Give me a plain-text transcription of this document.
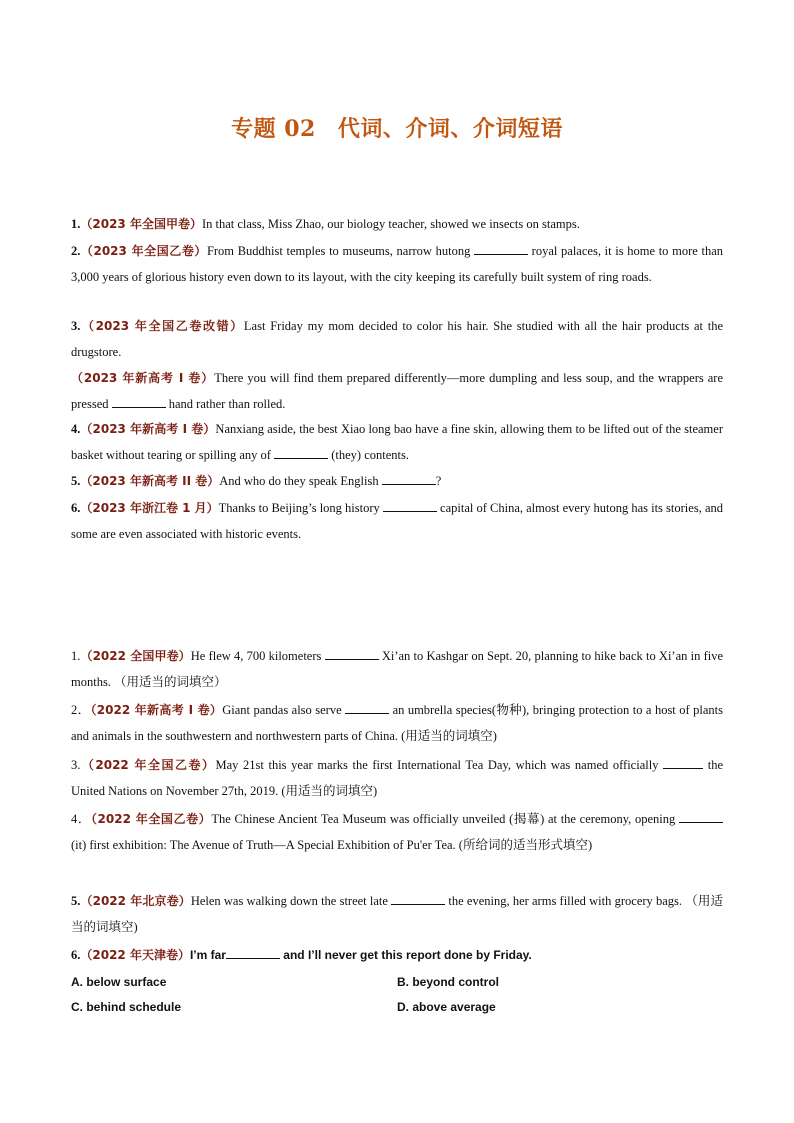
专题 02 代词、介词、介词短语
1.（2023 年全国甲卷）In that class, Miss Zhao, our biology teacher, showed we insects on stamps.
2.（2023 年全国乙卷）From Buddhist temples to museums, narrow hutong	royal palaces, it is home to more than 3,000 years of glorious history even down to its layout, with the city keeping its carefully built system of ring roads.
3.（2023 年全国乙卷改错）Last Friday my mom decided to color his hair. She studied with all the hair products at the drugstore.
（2023 年新高考 I 卷）There you will find them prepared differently—more dumpling and less soup, and the wrappers are pressed	hand rather than rolled.
4.（2023 年新高考 I 卷）Nanxiang aside, the best Xiao long bao have a fine skin, allowing them to be lifted out of the steamer basket without tearing or spilling any of	(they) contents.
5.（2023 年新高考 II 卷）And who do they speak English	?
6.（2023 年浙江卷 1 月）Thanks to Beijing’s long history	capital of China, almost every hutong has its stories, and some are even associated with historic events.
1.（2022 全国甲卷）He flew 4, 700 kilometers	Xi’an to Kashgar on Sept. 20, planning to hike back to Xi’an in five months. （用适当的词填空）
2．（2022 年新高考 I 卷）Giant pandas also serve	an umbrella species(物种), bringing protection to a host of plants and animals in the southwestern and northwestern parts of China. (用适当的词填空)
3.（2022 年全国乙卷）May 21st this year marks the first International Tea Day, which was named officially	the United Nations on November 27th, 2019. (用适当的词填空)
4．（2022 年全国乙卷）The Chinese Ancient Tea Museum was officially unveiled (揭幕) at the ceremony, opening  (it) first exhibition: The Avenue of Truth—A Special Exhibition of Pu'er Tea. (所给词的适当形式填空)
5.（2022 年北京卷）Helen was walking down the street late	the evening, her arms filled with grocery bags. （用适当的词填空)
6.（2022 年天津卷）I’m far	and I’ll never get this report done by Friday.
A. below surface	B. beyond control
C. behind schedule	D. above average
